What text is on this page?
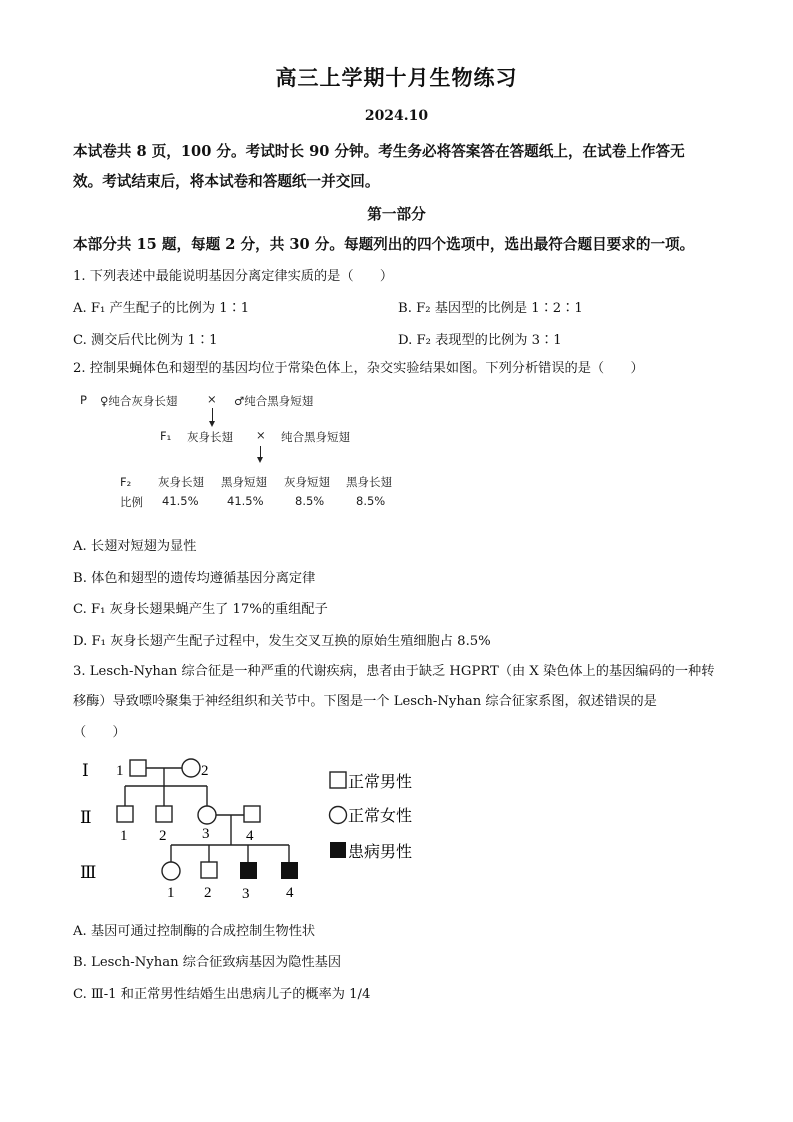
高三上学期十月生物练习
2024.10
本试卷共 8 页，100 分。考试时长 90 分钟。考生务必将答案答在答题纸上，在试卷上作答无
效。考试结束后，将本试卷和答题纸一并交回。
第一部分
本部分共 15 题，每题 2 分，共 30 分。每题列出的四个选项中，选出最符合题目要求的一项。
1. 下列表述中最能说明基因分离定律实质的是（　　）
A. F₁ 产生配子的比例为 1∶1	B. F₂ 基因型的比例是 1∶2∶1
C. 测交后代比例为 1∶1	D. F₂ 表现型的比例为 3∶1
2. 控制果蝇体色和翅型的基因均位于常染色体上，杂交实验结果如图。下列分析错误的是（　　）
P ♀纯合灰身长翅	× ♂纯合黑身短翅
F₁ 灰身长翅 × 纯合黑身短翅
F₂ 灰身长翅 黑身短翅 灰身短翅 黑身长翅
比例 41.5% 41.5%	8.5%	8.5%
A. 长翅对短翅为显性
B. 体色和翅型的遗传均遵循基因分离定律
C. F₁ 灰身长翅果蝇产生了 17%的重组配子
D. F₁ 灰身长翅产生配子过程中，发生交叉互换的原始生殖细胞占 8.5%
3. Lesch-Nyhan 综合征是一种严重的代谢疾病，患者由于缺乏 HGPRT（由 X 染色体上的基因编码的一种转
移酶）导致嘌呤聚集于神经组织和关节中。下图是一个 Lesch-Nyhan 综合征家系图，叙述错误的是
（　　）
Ⅰ
Ⅱ
Ⅲ
1	2
1 2 3 4
1 2 3 4
正常男性
正常女性
患病男性
A. 基因可通过控制酶的合成控制生物性状
B. Lesch-Nyhan 综合征致病基因为隐性基因
C. Ⅲ-1 和正常男性结婚生出患病儿子的概率为 1/4
